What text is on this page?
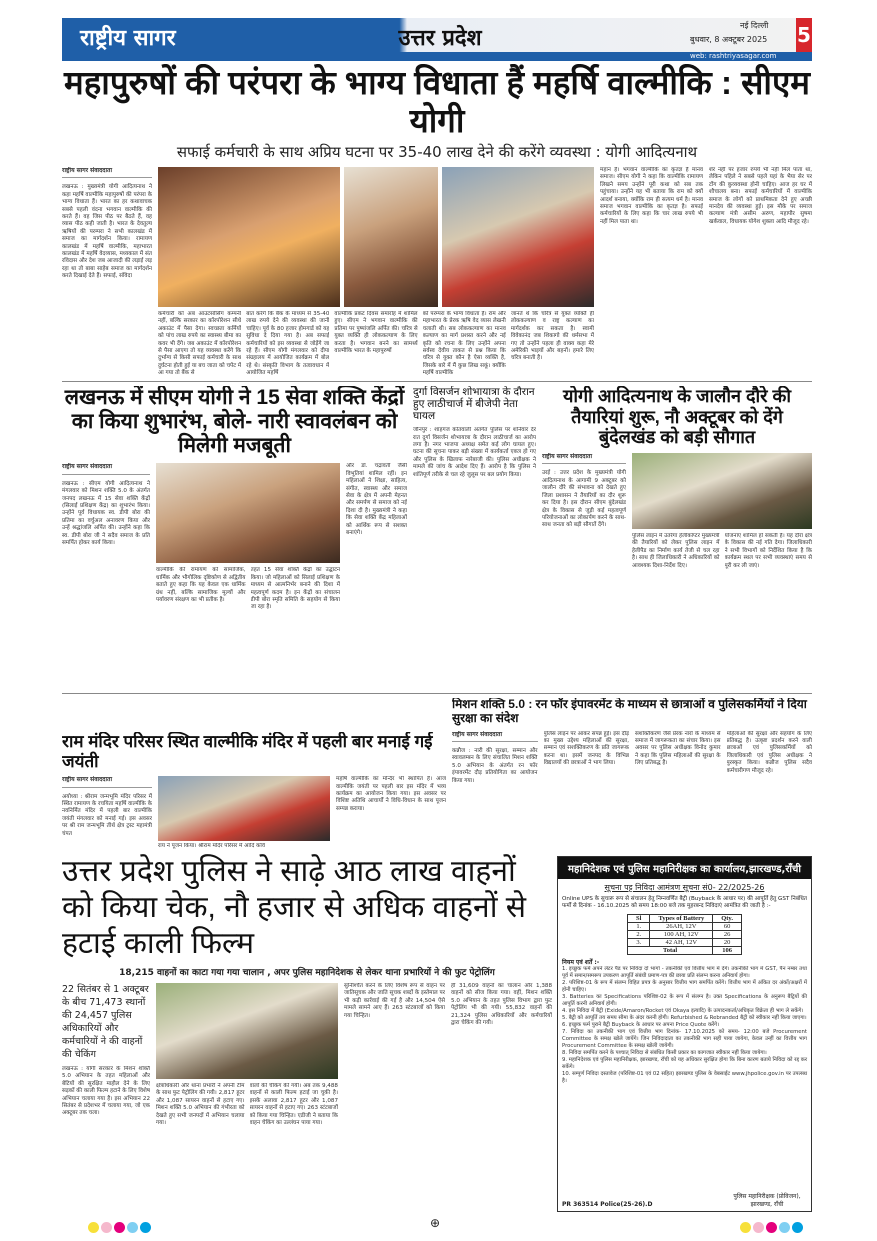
राष्ट्रीय सागर	उत्तर प्रदेश
नई दिल्ली
बुधवार, 8 अक्टूबर 2025 5
web: rashtriyasagar.com
महापुरुषों की परंपरा के भाग्य विधाता हैं महर्षि वाल्मीकि : सीएम योगी
सफाई कर्मचारी के साथ अप्रिय घटना पर 35-40 लाख देने की करेंगे व्यवस्था : योगी आदित्यनाथ
राष्ट्रीय सागर संवाददाता
लखनऊ : मुख्यमंत्री योगी आदित्यनाथ ने कहा महर्षि वाल्मीकि महापुरुषों की परंपरा के भाग्य विधाता हैं। भारत का हर कथावाचक सबसे पहली वंदना भगवान वाल्मीकि की करते हैं। वह जिस पीठ पर बैठते हैं, वह व्यास पीठ कही जाती है। भारत के देवतुल्य ऋषियों की परम्परा ने सभी कालखंड में समाज का मार्गदर्शन किया। रामायण कालखंड में महर्षि वाल्मीकि, महाभारत कालखंड में महर्षि वेदव्यास, मध्यकाल में संत रविदास और देश जब आजादी की लड़ाई लड़ रहा था तो बाबा साहेब समाज का मार्गदर्शन करते दिखाई देते हैं। सफाई, संविदा
कर्मचारी को अब आउटसोर्सिंग कम्पनी नहीं, बल्कि सरकार का कॉरपोरेशन सीधे अकाउंट में पैसा देगा। स्वच्छता कर्मियों को पांच लाख रुपये का स्वास्थ्य बीमा का कवर भी देंगे। जब अकाउंट में कॉरपोरेशन से पैसा आएगा तो यह व्यवस्था करेंगे कि दुर्भाग्य से किसी सफाई कर्मचारी के साथ दुर्घटना होती हुई या बच जाता को चपेट में आ गया तो बैंक से
बात करेंगे कि बैंक के माध्यम से 35-40 लाख रुपये देने की व्यवस्था की जानी चाहिए। पूर्व के 80 हजार होमगार्ड को यह सुविधा दे दिया गया है। अब सफाई कर्मचारियों को इस व्यवस्था से जोड़ेंगे जा रहे हैं। सीएम योगी मंगलवार को दीपा संग्रहालय में आयोजित कार्यक्रम में बोल रहे थे। संस्कृति विभाग के तत्वावधान में आयोजित महर्षि
वाल्मीकि प्रकट दिवस समारोह में शामिल हुए। सीएम ने भगवान वाल्मीकि की प्रतिमा पर पुष्पांजलि अर्पित की। चरित्र से युक्त व्यक्ति ही लोककल्याण के लिए करता है। भगवान बनने का सामर्थ्य वाल्मीकि भारत के महापुरुषों
को परम्परा के भाग्य विधाता हैं। राम और महाभारत के प्रेरक ऋषि वेद व्यास लेखनी चलाती थी। सब लोककल्याण का मानव कल्याण का मार्ग प्रशस्त करने और नई कृति को रचना के लिए उन्होंने अपना सर्वस्व देवीय ताकत से प्रश्न किया कि चरित्र से युक्त कौन है ऐसा व्यक्ति है, जिसके बारे में मैं कुछ लिख सकूं। क्योंकि महर्षि वाल्मीकि
जानते थे कि चरित्र से युक्त व्यक्ति ही लोककल्याण व राष्ट्र कल्याण का मार्गदर्शक कर सकता है। स्वामी विवेकानंद जब शिकागो की धर्मसभा में गए तो उन्होंने पहला ही वाक्य कहा मेरे अमेरिकी भाइयों और बहनों। हमारे लिए चरित्र बनाती है।
महान है। भगवान वाल्मीकि का कृतज्ञ है मानव समाज। सीएम योगी ने कहा कि वाल्मीकि रामायण लिखने समय उन्होंने पूरी कथा को सब तक पहुंचाया। उन्होंने यह भी बताया कि राम को क्यों आदर्श बनाया, क्योंकि राम ही सत्यम धर्म है। मानव समाज भगवान वाल्मीकि का कृतज्ञ है। सफाई कर्मचारियों के लिए कहा कि चार लाख रुपये भी नहीं मिल पाता था।
शेर नहीं पर हजार रुपये भी नहीं मिल पाता था, लेकिन पहिले ने सबसे पहले यहां के भैया सेर पर टोंग की कुव्यवस्था होनी चाहिए। आज हर घर में शौचालय बना। सफाई कर्मचारियों में वाल्मीकि समाज के लोगों को प्राथमिकता देने हुए अच्छी मानदेय की व्यवस्था हुई। इस मौके पर समाज कल्याण मंत्री असीम अरुण, महापौर सुषमा खर्कवाल, विधायक योगेश शुक्ला आदि मौजूद रहे।
लखनऊ में सीएम योगी ने 15 सेवा शक्ति केंद्रों का किया शुभारंभ, बोले- नारी स्वावलंबन को मिलेगी मजबूती
राष्ट्रीय सागर संवाददाता
लखनऊ : सीएम योगी आदित्यनाथ ने मंगलवार को मिशन शक्ति 5.0 के अंतर्गत जनपद लखनऊ में 15 सेवा शक्ति केंद्रों (सिलाई प्रशिक्षण केंद्र) का शुभारंभ किया। उन्होंने पूर्व विधायक स्व. डीपी बोरा की प्रतिमा का वर्चुअल अनावरण किया और उन्हें श्रद्धांजलि अर्पित की। उन्होंने कहा कि स्व. डीपी बोरा जी ने सदैव समाज के प्रति समर्पित होकर कार्य किया।
वाल्मीकि की रामायण को सामाजिक, धार्मिक और भौगोलिक दृष्टिकोण से अद्वितीय बताते हुए कहा कि यह केवल एक धार्मिक ग्रंथ नहीं, बल्कि सामाजिक मूल्यों और पर्यावरण संरक्षण का भी प्रतीक है।
तहत 15 सेवा शक्ति केंद्रों का उद्घाटन किया। जो महिलाओं को सिलाई प्रशिक्षण के माध्यम से आत्मनिर्भर बनाने की दिशा में महत्वपूर्ण कदम है। इन केंद्रों का संचालन डीपी बोरा स्मृति समिति के सहयोग से किया जा रहा है।
और डॉ. चंद्रावती जैसी विभूतियां शामिल रहीं। इन महिलाओं ने शिक्षा, साहित्य, संगीत, स्वास्थ्य और समाज सेवा के क्षेत्र में अपनी मेहनत और समर्पण से समाज को नई दिशा दी है। मुख्यमंत्री ने कहा कि सेवा शक्ति केंद्र महिलाओं को आर्थिक रूप से सशक्त बनाएंगे।
दुर्गा विसर्जन शोभायात्रा के दौरान हुए लाठीचार्ज में बीजेपी नेता घायल
जौनपुर : शाहगंज कोतवाली अंतर्गत पुलिस पर शनिवार देर रात दुर्गा विसर्जन शोभायात्रा के दौरान लाठीचार्ज का आरोप लगा है। नगर भाजपा अध्यक्ष समेत कई लोग घायल हुए। घटना की सूचना पाकर बड़ी संख्या में कार्यकर्ता एकत्र हो गए और पुलिस के खिलाफ नारेबाजी की। पुलिस अधीक्षक ने मामले की जांच के आदेश दिए हैं। आरोप है कि पुलिस ने शांतिपूर्ण तरीके से चल रहे जुलूस पर बल प्रयोग किया।
योगी आदित्यनाथ के जालौन दौरे की तैयारियां शुरू, नौ अक्टूबर को देंगे बुंदेलखंड को बड़ी सौगात
राष्ट्रीय सागर संवाददाता
उरई : उत्तर प्रदेश के मुख्यमंत्री योगी आदित्यनाथ के आगामी 9 अक्टूबर को जालौन दौरे की संभावना को देखते हुए जिला प्रशासन ने तैयारियों का दौर शुरू कर दिया है। इस दौरान सीएम बुंदेलखंड क्षेत्र के विकास से जुड़ी कई महत्वपूर्ण परियोजनाओं का लोकार्पण करने के साथ-साथ जनता को बड़ी सौगातें देंगे।
पुलिस लाइन में उतरेगा हेलीकॉप्टर मुख्यमंत्री की तैयारियों को लेकर पुलिस लाइन में हेलीपैड का निर्माण कार्य तेजी से चल रहा है। साथ ही जिलाधिकारी ने अधिकारियों को आवश्यक दिशा-निर्देश दिए।
योजनाएं शामिल हो सकती हैं। यह दौरा क्षेत्र के विकास की नई गति देगा। जिलाधिकारी ने सभी विभागों को निर्देशित किया है कि कार्यक्रम स्थल पर सभी व्यवस्थाएं समय से पूरी कर ली जाएं।
मिशन शक्ति 5.0 : रन फॉर इंपावरमेंट के माध्यम से छात्राओं व पुलिसकर्मियों ने दिया सुरक्षा का संदेश
राष्ट्रीय सागर संवाददाता
कन्नौज : नारी की सुरक्षा, सम्मान और स्वावलम्बन के लिए संचालित मिशन शक्ति 5.0 अभियान के अंतर्गत रन फॉर इंपावरमेंट दौड़ प्रतियोगिता का आयोजन किया गया।
पुलिस लाइन पर आकर संपन्न हुई। इस दौड़ का मुख्य उद्देश्य महिलाओं की सुरक्षा, सम्मान एवं सशक्तिकरण के प्रति जागरूक करना था। इसमें जनपद के विभिन्न विद्यालयों की छात्राओं ने भाग लिया।
सशक्तिकरण जैसे प्रेरक नारों के माध्यम से समाज में जागरूकता का संचार किया। इस अवसर पर पुलिस अधीक्षक विनोद कुमार ने कहा कि पुलिस महिलाओं की सुरक्षा के लिए प्रतिबद्ध है।
महिलाओं की सुरक्षा और सहयोग के लिए प्रतिबद्ध है। उत्कृष्ट प्रदर्शन करने वाली छात्राओं एवं पुलिसकर्मियों को जिलाधिकारी एवं पुलिस अधीक्षक ने पुरस्कृत किया। कन्नौज पुलिस सदैव कर्मचारीगण मौजूद रहे।
राम मंदिर परिसर स्थित वाल्मीकि मंदिर में पहली बार मनाई गई जयंती
राष्ट्रीय सागर संवाददाता
अयोध्या : श्रीराम जन्मभूमि मंदिर परिसर में स्थित रामायण के रचयिता महर्षि वाल्मीकि के नवनिर्मित मंदिर में पहली बार वाल्मीकि जयंती मंगलवार को मनाई गई। इस अवसर पर श्री राम जन्मभूमि तीर्थ क्षेत्र ट्रस्ट महामंत्री चंपत
राय ने पूजन किया। श्रीराम मंदिर परिसर में आदि कवि
महर्षि वाल्मीकि का मन्दिर भी स्थापित है। आज वाल्मीकि जयंती पर पहली बार इस मंदिर में भव्य कार्यक्रम का आयोजन किया गया। इस अवसर पर विशिष्ट अतिथि आचार्यों ने विधि-विधान के साथ पूजन सम्पन्न कराया।
उत्तर प्रदेश पुलिस ने साढ़े आठ लाख वाहनों को किया चेक, नौ हजार से अधिक वाहनों से हटाई काली फिल्म
18,215 वाहनों का काटा गया गया चालान , अपर पुलिस महानिदेशक से लेकर थाना प्रभारियों ने की फुट पेट्रोलिंग
22 सितंबर से 1 अक्टूबर के बीच 71,473 स्थानों की 24,457 पुलिस अधिकारियों और कर्मचारियों ने की वाहनों की चेकिंग
लखनऊ : योगी सरकार के मिशन शक्ति 5.0 अभियान के तहत महिलाओं और बेटियों की सुरक्षित माहौल देने के लिए सड़कों की काली फिल्म हटाने के लिए विशेष अभियान चलाया गया है। इस अभियान 22 सितंबर से प्रदेशभर में चलाया गया, जो एक अक्टूबर तक चला।
क्षेत्राधिकारी और थाना प्रभारी ने अपनी टीम के साथ फुट पेट्रोलिंग की गयी। 2,817 हूटर और 1,087 सायरन वाहनों से हटाए गए। मिशन शक्ति 5.0 अभियान की गंभीरता को देखते हुए सभी जनपदों में अभियान चलाया गया।
वालों की चेकिंग की गयी। अब तक 9,488 वाहनों से काली फिल्म हटाई जा चुकी है। इसके अलावा 2,817 हूटर और 1,087 सायरन वाहनों से हटाए गए। 263 स्टंटबाजों को किया गया चिन्हित। एडीजी ने बताया कि वाहन चेकिंग का उल्लंघन पाया गया।
सुनिश्चित करने के लिए विशेष रूप से वाहन पर जातिसूचक और जाति सूचक शब्दों के इस्तेमाल पर भी कड़ी कार्रवाई की गई है और 14,504 ऐसे मामले सामने आए हैं। 263 स्टंटबाजों को किया गया चिन्हित।
ही 31,609 वाहनों का चालान और 1,388 वाहनों को सीज किया गया। वहीं, मिशन शक्ति 5.0 अभियान के तहत पुलिस विभाग द्वारा फुट पेट्रोलिंग भी की गयी। 55,832 वाहनों की 21,324 पुलिस अधिकारियों और कर्मचारियों द्वारा चेकिंग की गयी।
महानिदेशक एवं पुलिस महानिरीक्षक का कार्यालय,झारखण्ड,राँची
सूचना पट्ट निविदा आमंत्रण सूचना सं0- 22/2025-26
Online UPS के सुचारू रूप से संचालन हेतु निम्नवर्णित बैट्री (Buyback के आधार पर) की आपूर्ति हेतु GST निबंधित फर्मों से दिनांक - 16.10.2025 को समय 18:00 बजे तक मुहरबन्द निविदाएं आमंत्रित की जाती है :-
Sl	Types of Battery	Qty.
1.	26AH, 12V	60
2.	100 AH, 12V	26
3.	42 AH, 12V	20
Total		106
नियम एवं शर्तें :-
1. इच्छुक फर्म अपने लेटर पैड पर निविदा दो भागों - तकनीकी एवं वित्तीय भाग में देंगे। तकनीकी भाग में GST, पैन नम्बर तथा पूर्व में समान/समरूप उपकरण आपूर्ति संबंधी प्रमाण-पत्र की छाया प्रति संलग्न करना अनिवार्य होगा।
2. परिशिष्ट-01 के रूप में संलग्न विहित प्रपत्र के अनुसार वित्तीय भाग समर्पित करेंगे। वित्तीय भाग में अंकित दर अंकों/अक्षरों में होनी चाहिए।
3. Batteries का Specifications परिशिष्ट-02 के रूप में संलग्न है। उक्त Specifications के अनुरूप बैट्रियों की आपूर्ति करनी अनिवार्य होगी।
4. इस निविदा में बैट्री (Exide/Amaron/Rocket एवं Okaya इत्यादि) के उत्पादनकर्ता/अधिकृत विक्रेता ही भाग ले सकेंगे।
5. बैट्री को आपूर्ति तय समय सीमा के अंदर करनी होगी। Refurbished & Rebranded बैट्री को स्वीकार नहीं किया जाएगा।
6. इच्छुक फर्म पुराने बैट्री Buyback के आधार पर अपना Price Quote करेंगे।
7. निविदा का तकनीकी भाग एवं वित्तीय भाग दिनांक- 17.10.2025 को समय- 12:00 बजे Procurement Committee के समक्ष खोले जायेंगे। जिन निविदादाता का तकनीकी भाग सही पाया जायेगा, केवल उन्हीं का वित्तीय भाग Procurement Committee के समक्ष खोली जायेगी।
8. निविदा समर्पित करने के पश्चात् निविदा से संबंधित किसी प्रकार का कागजात स्वीकार नहीं किया जायेगा।
9. महानिदेशक एवं पुलिस महानिरीक्षक, झारखण्ड, राँची को यह अधिकार सुरक्षित होगा कि बिना कारण बताये निविदा को रद्द कर सकेंगे।
10. सम्पूर्ण निविदा दस्तावेज (परिशिष्ट-01 एवं 02 सहित) झारखण्ड पुलिस के वेबसाईट www.jhpolice.gov.in पर उपलब्ध है।
PR 363514 Police(25-26).D
पुलिस महानिरीक्षक (प्रोविजन), झारखण्ड, राँची
⊕
